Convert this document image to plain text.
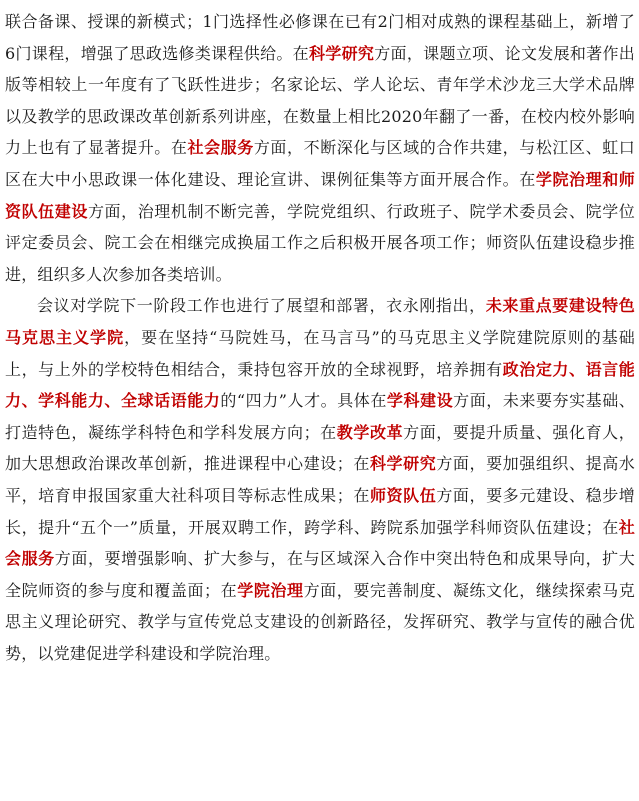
联合备课、授课的新模式；1门选择性必修课在已有2门相对成熟的课程基础上，新增了6门课程，增强了思政选修类课程供给。在科学研究方面，课题立项、论文发展和著作出版等相较上一年度有了飞跃性进步；名家论坛、学人论坛、青年学术沙龙三大学术品牌以及教学的思政课改革创新系列讲座，在数量上相比2020年翻了一番，在校内校外影响力上也有了显著提升。在社会服务方面，不断深化与区域的合作共建，与松江区、虹口区在大中小思政课一体化建设、理论宣讲、课例征集等方面开展合作。在学院治理和师资队伍建设方面，治理机制不断完善，学院党组织、行政班子、院学术委员会、院学位评定委员会、院工会在相继完成换届工作之后积极开展各项工作；师资队伍建设稳步推进，组织多人次参加各类培训。

会议对学院下一阶段工作也进行了展望和部署，衣永刚指出，未来重点要建设特色马克思主义学院，要在坚持“马院姓马，在马言马”的马克思主义学院建院原则的基础上，与上外的学校特色相结合，秉持包容开放的全球视野，培养拥有政治定力、语言能力、学科能力、全球话语能力的“四力”人才。具体在学科建设方面，未来要夯实基础、打造特色，凝练学科特色和学科发展方向；在教学改革方面，要提升质量、强化育人，加大思想政治课改革创新，推进课程中心建设；在科学研究方面，要加强组织、提高水平，培育申报国家重大社科项目等标志性成果；在师资队伍方面，要多元建设、稳步增长，提升“五个一”质量，开展双聘工作，跨学科、跨院系加强学科师资队伍建设；在社会服务方面，要增强影响、扩大参与，在与区域深入合作中突出特色和成果导向，扩大全院师资的参与度和覆盖面；在学院治理方面，要完善制度、凝练文化，继续探索马克思主义理论研究、教学与宣传党总支建设的创新路径，发挥研究、教学与宣传的融合优势，以党建促进学科建设和学院治理。
